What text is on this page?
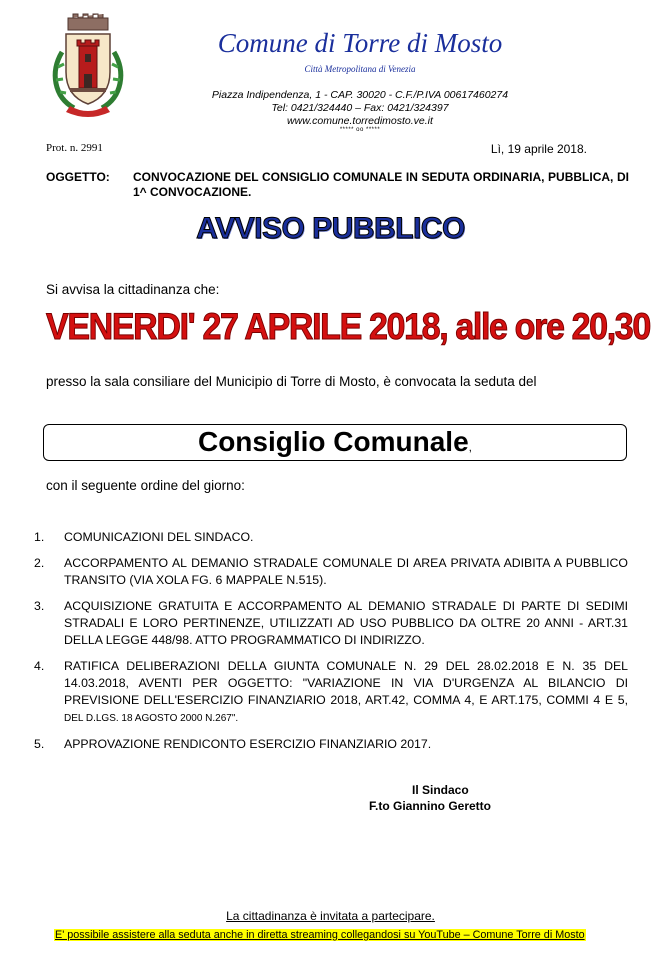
Comune di Torre di Mosto
Città Metropolitana di Venezia
Piazza Indipendenza, 1 - CAP. 30020 - C.F./P.IVA 00617460274
Tel: 0421/324440 – Fax: 0421/324397
www.comune.torredimosto.ve.it
***** oo *****
Prot. n. 2991	Lì, 19 aprile 2018.
OGGETTO: CONVOCAZIONE DEL CONSIGLIO COMUNALE IN SEDUTA ORDINARIA, PUBBLICA, DI 1^ CONVOCAZIONE.
AVVISO PUBBLICO
Si avvisa la cittadinanza che:
VENERDI' 27 APRILE 2018, alle ore 20,30
presso la sala consiliare del Municipio di Torre di Mosto, è convocata la seduta del
Consiglio Comunale,
con il seguente ordine del giorno:
1.	COMUNICAZIONI DEL SINDACO.
2.	ACCORPAMENTO AL DEMANIO STRADALE COMUNALE DI AREA PRIVATA ADIBITA A PUBBLICO TRANSITO (VIA XOLA FG. 6 MAPPALE N.515).
3.	ACQUISIZIONE GRATUITA E ACCORPAMENTO AL DEMANIO STRADALE DI PARTE DI SEDIMI STRADALI E LORO PERTINENZE, UTILIZZATI AD USO PUBBLICO DA OLTRE 20 ANNI - ART.31 DELLA LEGGE 448/98. ATTO PROGRAMMATICO DI INDIRIZZO.
4.	RATIFICA DELIBERAZIONI DELLA GIUNTA COMUNALE N. 29 DEL 28.02.2018 E N. 35 DEL 14.03.2018, AVENTI PER OGGETTO: "VARIAZIONE IN VIA D'URGENZA AL BILANCIO DI PREVISIONE DELL'ESERCIZIO FINANZIARIO 2018, ART.42, COMMA 4, E ART.175, COMMI 4 E 5, DEL D.LGS. 18 AGOSTO 2000 N.267".
5.	APPROVAZIONE RENDICONTO ESERCIZIO FINANZIARIO 2017.
Il Sindaco
F.to Giannino Geretto
La cittadinanza è invitata a partecipare.
E' possibile assistere alla seduta anche in diretta streaming collegandosi su YouTube – Comune Torre di Mosto
